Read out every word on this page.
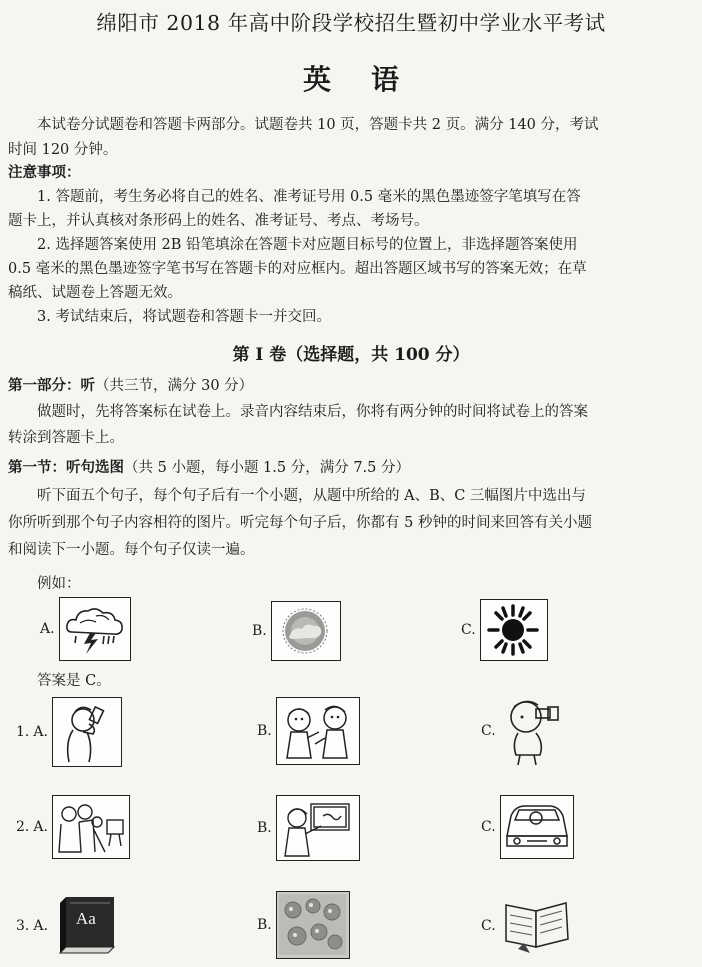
绵阳市 2018 年高中阶段学校招生暨初中学业水平考试
英语
本试卷分试题卷和答题卡两部分。试题卷共 10 页，答题卡共 2 页。满分 140 分，考试
时间 120 分钟。
注意事项：
1. 答题前，考生务必将自己的姓名、准考证号用 0.5 毫米的黑色墨迹签字笔填写在答
题卡上，并认真核对条形码上的姓名、准考证号、考点、考场号。
2. 选择题答案使用 2B 铅笔填涂在答题卡对应题目标号的位置上，非选择题答案使用
0.5 毫米的黑色墨迹签字笔书写在答题卡的对应框内。超出答题区域书写的答案无效；在草
稿纸、试题卷上答题无效。
3. 考试结束后，将试题卷和答题卡一并交回。
第 I 卷（选择题，共 100 分）
第一部分：听（共三节，满分 30 分）
做题时，先将答案标在试卷上。录音内容结束后，你将有两分钟的时间将试卷上的答案
转涂到答题卡上。
第一节：听句选图（共 5 小题，每小题 1.5 分，满分 7.5 分）
听下面五个句子，每个句子后有一个小题，从题中所给的 A、B、C 三幅图片中选出与
你所听到那个句子内容相符的图片。听完每个句子后，你都有 5 秒钟的时间来回答有关小题
和阅读下一小题。每个句子仅读一遍。
例如：
A.	B.	C.
答案是 C。
1. A.	B.	C.
2. A.	B.	C.
3. A. Aa	B.	C.
